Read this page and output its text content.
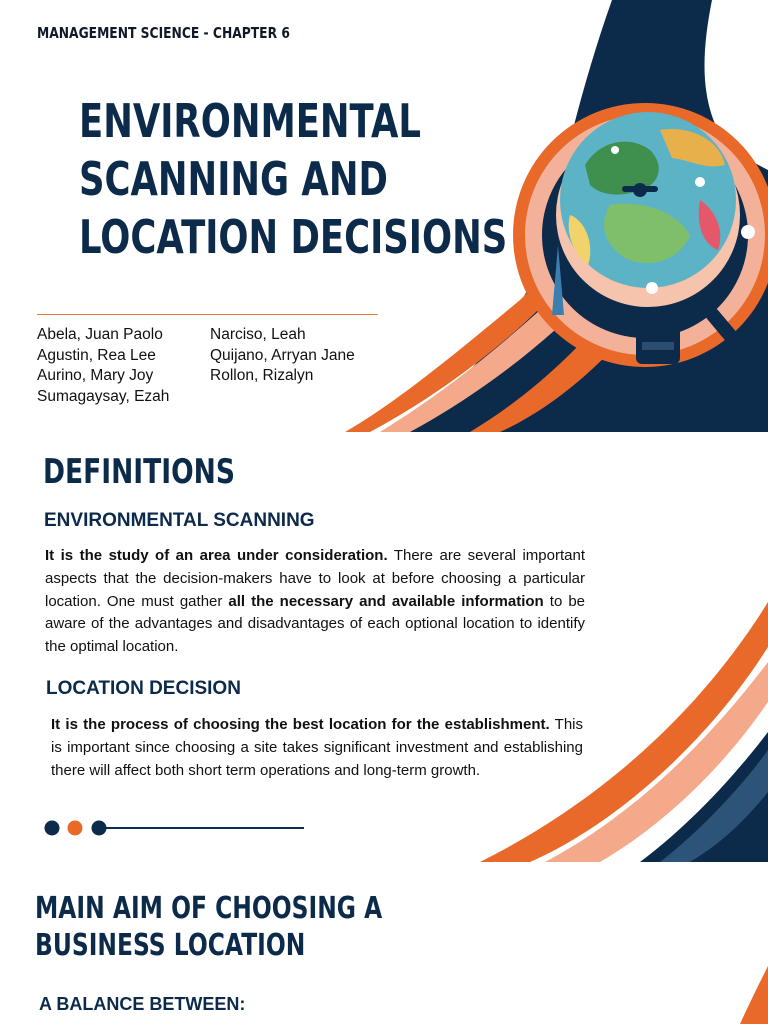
MANAGEMENT SCIENCE - CHAPTER 6
ENVIRONMENTAL
SCANNING AND
LOCATION DECISIONS
Abela, Juan Paolo
Agustin, Rea Lee
Aurino, Mary Joy
Sumagaysay, Ezah
Narciso, Leah
Quijano, Arryan Jane
Rollon, Rizalyn
DEFINITIONS
ENVIRONMENTAL SCANNING

It is the study of an area under consideration. There are several important aspects that the decision-makers have to look at before choosing a particular location. One must gather all the necessary and available information to be aware of the advantages and disadvantages of each optional location to identify the optimal location.

LOCATION DECISION

It is the process of choosing the best location for the establishment. This is important since choosing a site takes significant investment and establishing there will affect both short term operations and long-term growth.

MAIN AIM OF CHOOSING A
BUSINESS LOCATION
A BALANCE BETWEEN:
